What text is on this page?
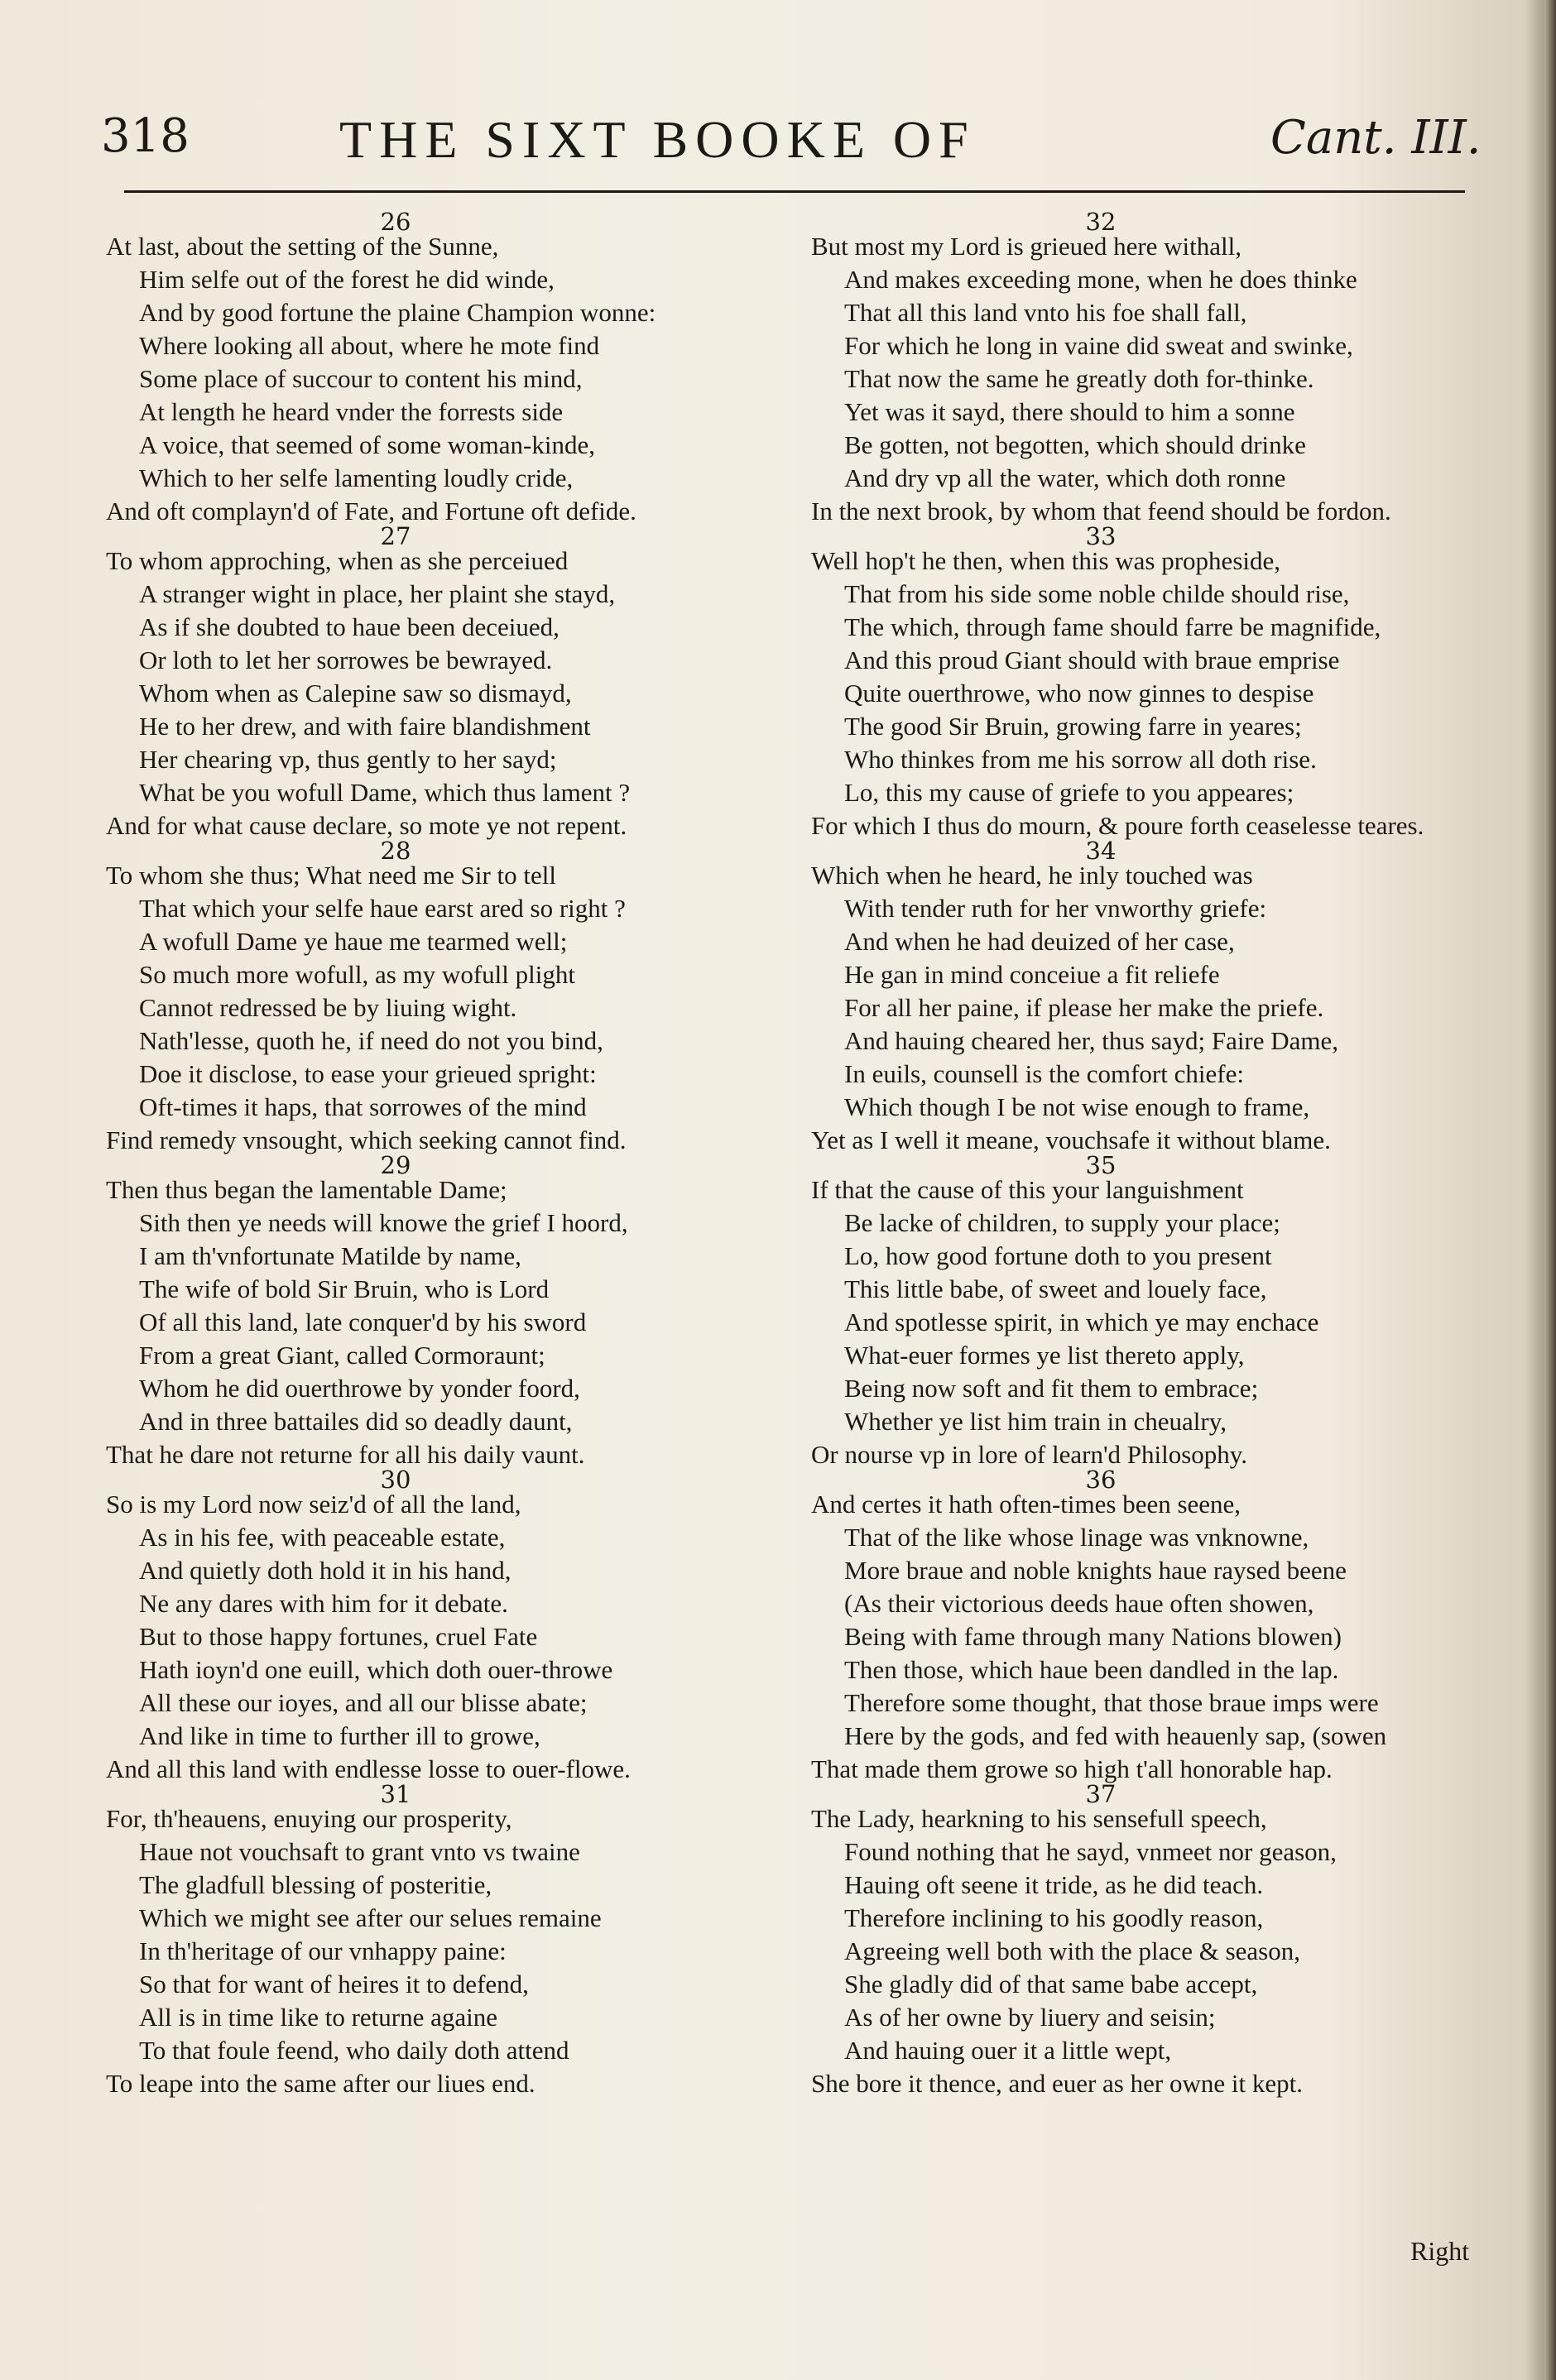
318	THE SIXT BOOKE OF	Cant. III.
26
At last, about the setting of the Sunne,
Him selfe out of the forest he did winde,
And by good fortune the plaine Champion wonne:
Where looking all about, where he mote find
Some place of succour to content his mind,
At length he heard vnder the forrests side
A voice, that seemed of some woman-kinde,
Which to her selfe lamenting loudly cride,
And oft complayn'd of Fate, and Fortune oft defide.
27
To whom approching, when as she perceiued
A stranger wight in place, her plaint she stayd,
As if she doubted to haue been deceiued,
Or loth to let her sorrowes be bewrayed.
Whom when as Calepine saw so dismayd,
He to her drew, and with faire blandishment
Her chearing vp, thus gently to her sayd;
What be you wofull Dame, which thus lament ?
And for what cause declare, so mote ye not repent.
28
To whom she thus; What need me Sir to tell
That which your selfe haue earst ared so right ?
A wofull Dame ye haue me tearmed well;
So much more wofull, as my wofull plight
Cannot redressed be by liuing wight.
Nath'lesse, quoth he, if need do not you bind,
Doe it disclose, to ease your grieued spright:
Oft-times it haps, that sorrowes of the mind
Find remedy vnsought, which seeking cannot find.
29
Then thus began the lamentable Dame;
Sith then ye needs will knowe the grief I hoord,
I am th'vnfortunate Matilde by name,
The wife of bold Sir Bruin, who is Lord
Of all this land, late conquer'd by his sword
From a great Giant, called Cormoraunt;
Whom he did ouerthrowe by yonder foord,
And in three battailes did so deadly daunt,
That he dare not returne for all his daily vaunt.
30
So is my Lord now seiz'd of all the land,
As in his fee, with peaceable estate,
And quietly doth hold it in his hand,
Ne any dares with him for it debate.
But to those happy fortunes, cruel Fate
Hath ioyn'd one euill, which doth ouer-throwe
All these our ioyes, and all our blisse abate;
And like in time to further ill to growe,
And all this land with endlesse losse to ouer-flowe.
31
For, th'heauens, enuying our prosperity,
Haue not vouchsaft to grant vnto vs twaine
The gladfull blessing of posteritie,
Which we might see after our selues remaine
In th'heritage of our vnhappy paine:
So that for want of heires it to defend,
All is in time like to returne againe
To that foule feend, who daily doth attend
To leape into the same after our liues end.
32
But most my Lord is grieued here withall,
And makes exceeding mone, when he does thinke
That all this land vnto his foe shall fall,
For which he long in vaine did sweat and swinke,
That now the same he greatly doth for-thinke.
Yet was it sayd, there should to him a sonne
Be gotten, not begotten, which should drinke
And dry vp all the water, which doth ronne
In the next brook, by whom that feend should be fordon.
33
Well hop't he then, when this was propheside,
That from his side some noble childe should rise,
The which, through fame should farre be magnifide,
And this proud Giant should with braue emprise
Quite ouerthrowe, who now ginnes to despise
The good Sir Bruin, growing farre in yeares;
Who thinkes from me his sorrow all doth rise.
Lo, this my cause of griefe to you appeares;
For which I thus do mourn, & poure forth ceaselesse teares.
34
Which when he heard, he inly touched was
With tender ruth for her vnworthy griefe:
And when he had deuized of her case,
He gan in mind conceiue a fit reliefe
For all her paine, if please her make the priefe.
And hauing cheared her, thus sayd; Faire Dame,
In euils, counsell is the comfort chiefe:
Which though I be not wise enough to frame,
Yet as I well it meane, vouchsafe it without blame.
35
If that the cause of this your languishment
Be lacke of children, to supply your place;
Lo, how good fortune doth to you present
This little babe, of sweet and louely face,
And spotlesse spirit, in which ye may enchace
What-euer formes ye list thereto apply,
Being now soft and fit them to embrace;
Whether ye list him train in cheualry,
Or nourse vp in lore of learn'd Philosophy.
36
And certes it hath often-times been seene,
That of the like whose linage was vnknowne,
More braue and noble knights haue raysed beene
(As their victorious deeds haue often showen,
Being with fame through many Nations blowen)
Then those, which haue been dandled in the lap.
Therefore some thought, that those braue imps were
Here by the gods, and fed with heauenly sap, (sowen
That made them growe so high t'all honorable hap.
37
The Lady, hearkning to his sensefull speech,
Found nothing that he sayd, vnmeet nor geason,
Hauing oft seene it tride, as he did teach.
Therefore inclining to his goodly reason,
Agreeing well both with the place & season,
She gladly did of that same babe accept,
As of her owne by liuery and seisin;
And hauing ouer it a little wept,
She bore it thence, and euer as her owne it kept.
Right
